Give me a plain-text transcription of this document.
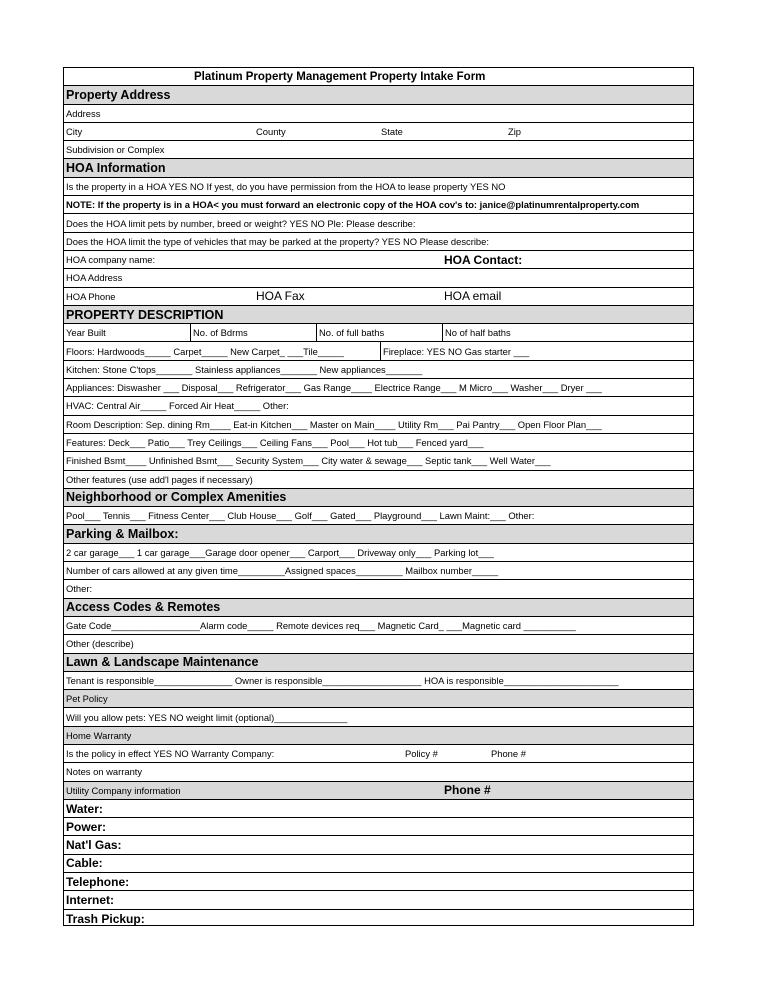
Platinum Property Management Property Intake Form
Property Address
Address
City	County	State	Zip
Subdivision or Complex
HOA Information
Is the property in a HOA YES NO If yest, do you have permission from the HOA to lease property YES NO
NOTE: If the property is in a HOA< you must forward an electronic copy of the HOA cov's to: janice@platinumrentalproperty.com
Does the HOA limit pets by number, breed or weight? YES NO Ple: Please describe:
Does the HOA limit the type of vehicles that may be parked at the property? YES NO Please describe:
HOA company name:	HOA Contact:
HOA Address
HOA Phone	HOA Fax	HOA email
PROPERTY DESCRIPTION
Year Built	No. of Bdrms	No. of full baths	No of half baths
Floors: Hardwoods_____ Carpet_____ New Carpet_ ___Tile_____	Fireplace: YES NO Gas starter ___
Kitchen: Stone C'tops_______ Stainless appliances_______ New appliances_______
Appliances: Diswasher ___ Disposal___ Refrigerator___ Gas Range____ Electrice Range___ M Micro___ Washer___ Dryer ___
HVAC: Central Air_____ Forced Air Heat_____ Other:
Room Description: Sep. dining Rm____ Eat-in Kitchen___ Master on Main____ Utility Rm___ Pai Pantry___ Open Floor Plan___
Features: Deck___ Patio___ Trey Ceilings___ Ceiling Fans___ Pool___ Hot tub___ Fenced yard___
Finished Bsmt____ Unfinished Bsmt___ Security System___ City water & sewage___ Septic tank___ Well Water___
Other features (use add'l pages if necessary)
Neighborhood or Complex Amenities
Pool___ Tennis___ Fitness Center___ Club House___ Golf___ Gated___ Playground___ Lawn Maint:___ Other:
Parking & Mailbox:
2 car garage___ 1 car garage___Garage door opener___ Carport___ Driveway only___ Parking lot___
Number of cars allowed at any given time_________Assigned spaces_________ Mailbox number_____
Other:
Access Codes & Remotes
Gate Code_________________Alarm code_____ Remote devices req___ Magnetic Card_ ___Magnetic card __________
Other (describe)
Lawn & Landscape Maintenance
Tenant is responsible_______________ Owner is responsible___________________ HOA is responsible______________________
Pet Policy
Will you allow pets: YES NO weight limit (optional)______________
Home Warranty
Is the policy in effect YES NO Warranty Company:	Policy #	Phone #
Notes on warranty
Utility Company information	Phone #
Water:
Power:
Nat'l Gas:
Cable:
Telephone:
Internet:
Trash Pickup:
